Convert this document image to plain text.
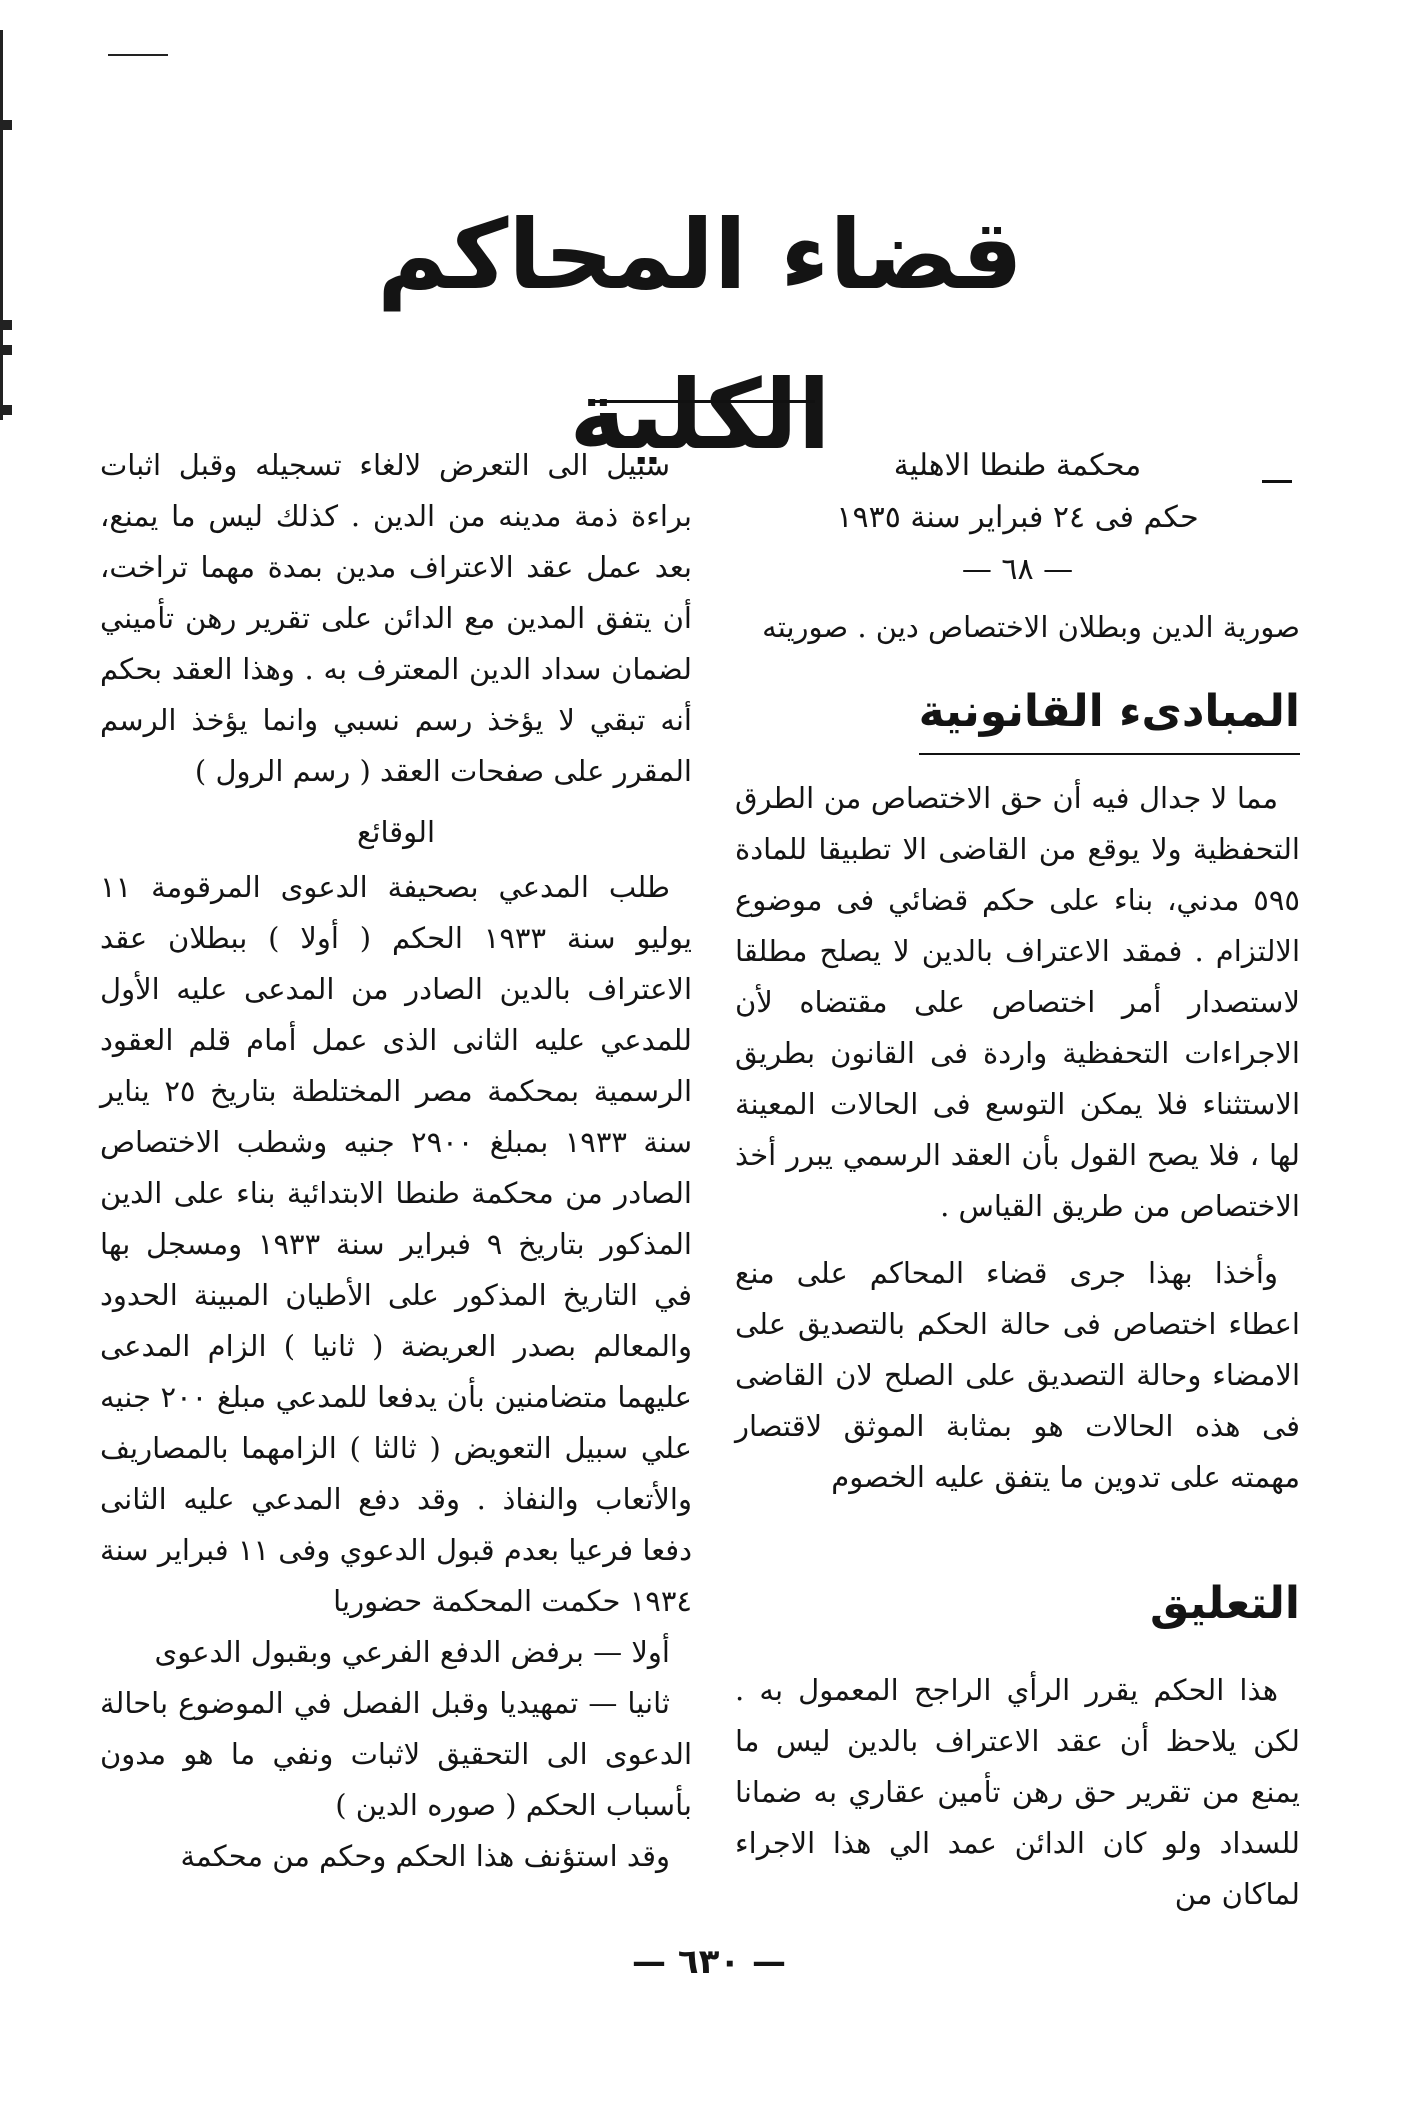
قضاء المحاكم الكلية	محكمة طنطا الاهلية
حكم فى ٢٤ فبراير سنة ١٩٣٥
— ٦٨ —
صورية الدين وبطلان الاختصاص دين . صوريته
المبادىء القانونية

مما لا جدال فيه أن حق الاختصاص من الطرق التحفظية ولا يوقع من القاضى الا تطبيقا للمادة ٥٩٥ مدني، بناء على حكم قضائي فى موضوع الالتزام . فمقد الاعتراف بالدين لا يصلح مطلقا لاستصدار أمر اختصاص على مقتضاه لأن الاجراءات التحفظية واردة فى القانون بطريق الاستثناء فلا يمكن التوسع فى الحالات المعينة لها ، فلا يصح القول بأن العقد الرسمي يبرر أخذ الاختصاص من طريق القياس .

وأخذا بهذا جرى قضاء المحاكم على منع اعطاء اختصاص فى حالة الحكم بالتصديق على الامضاء وحالة التصديق على الصلح لان القاضى فى هذه الحالات هو بمثابة الموثق لاقتصار مهمته على تدوين ما يتفق عليه الخصوم

التعليق

هذا الحكم يقرر الرأي الراجح المعمول به . لكن يلاحظ أن عقد الاعتراف بالدين ليس ما يمنع من تقرير حق رهن تأمين عقاري به ضمانا للسداد ولو كان الدائن عمد الي هذا الاجراء لماكان من

سبيل الى التعرض لالغاء تسجيله وقبل اثبات براءة ذمة مدينه من الدين . كذلك ليس ما يمنع، بعد عمل عقد الاعتراف مدين بمدة مهما تراخت، أن يتفق المدين مع الدائن على تقرير رهن تأميني لضمان سداد الدين المعترف به . وهذا العقد بحكم أنه تبقي لا يؤخذ رسم نسبي وانما يؤخذ الرسم المقرر على صفحات العقد ( رسم الرول )

الوقائع

طلب المدعي بصحيفة الدعوى المرقومة ١١ يوليو سنة ١٩٣٣ الحكم ( أولا ) ببطلان عقد الاعتراف بالدين الصادر من المدعى عليه الأول للمدعي عليه الثانى الذى عمل أمام قلم العقود الرسمية بمحكمة مصر المختلطة بتاريخ ٢٥ يناير سنة ١٩٣٣ بمبلغ ٢٩٠٠ جنيه وشطب الاختصاص الصادر من محكمة طنطا الابتدائية بناء على الدين المذكور بتاريخ ٩ فبراير سنة ١٩٣٣ ومسجل بها في التاريخ المذكور على الأطيان المبينة الحدود والمعالم بصدر العريضة ( ثانيا ) الزام المدعى عليهما متضامنين بأن يدفعا للمدعي مبلغ ٢٠٠ جنيه علي سبيل التعويض ( ثالثا ) الزامهما بالمصاريف والأتعاب والنفاذ . وقد دفع المدعي عليه الثانى دفعا فرعيا بعدم قبول الدعوي وفى ١١ فبراير سنة ١٩٣٤ حكمت المحكمة حضوريا

أولا — برفض الدفع الفرعي وبقبول الدعوى

ثانيا — تمهيديا وقبل الفصل في الموضوع باحالة الدعوى الى التحقيق لاثبات ونفي ما هو مدون بأسباب الحكم ( صوره الدين )

وقد استؤنف هذا الحكم وحكم من محكمة

— ٦٣٠ —
